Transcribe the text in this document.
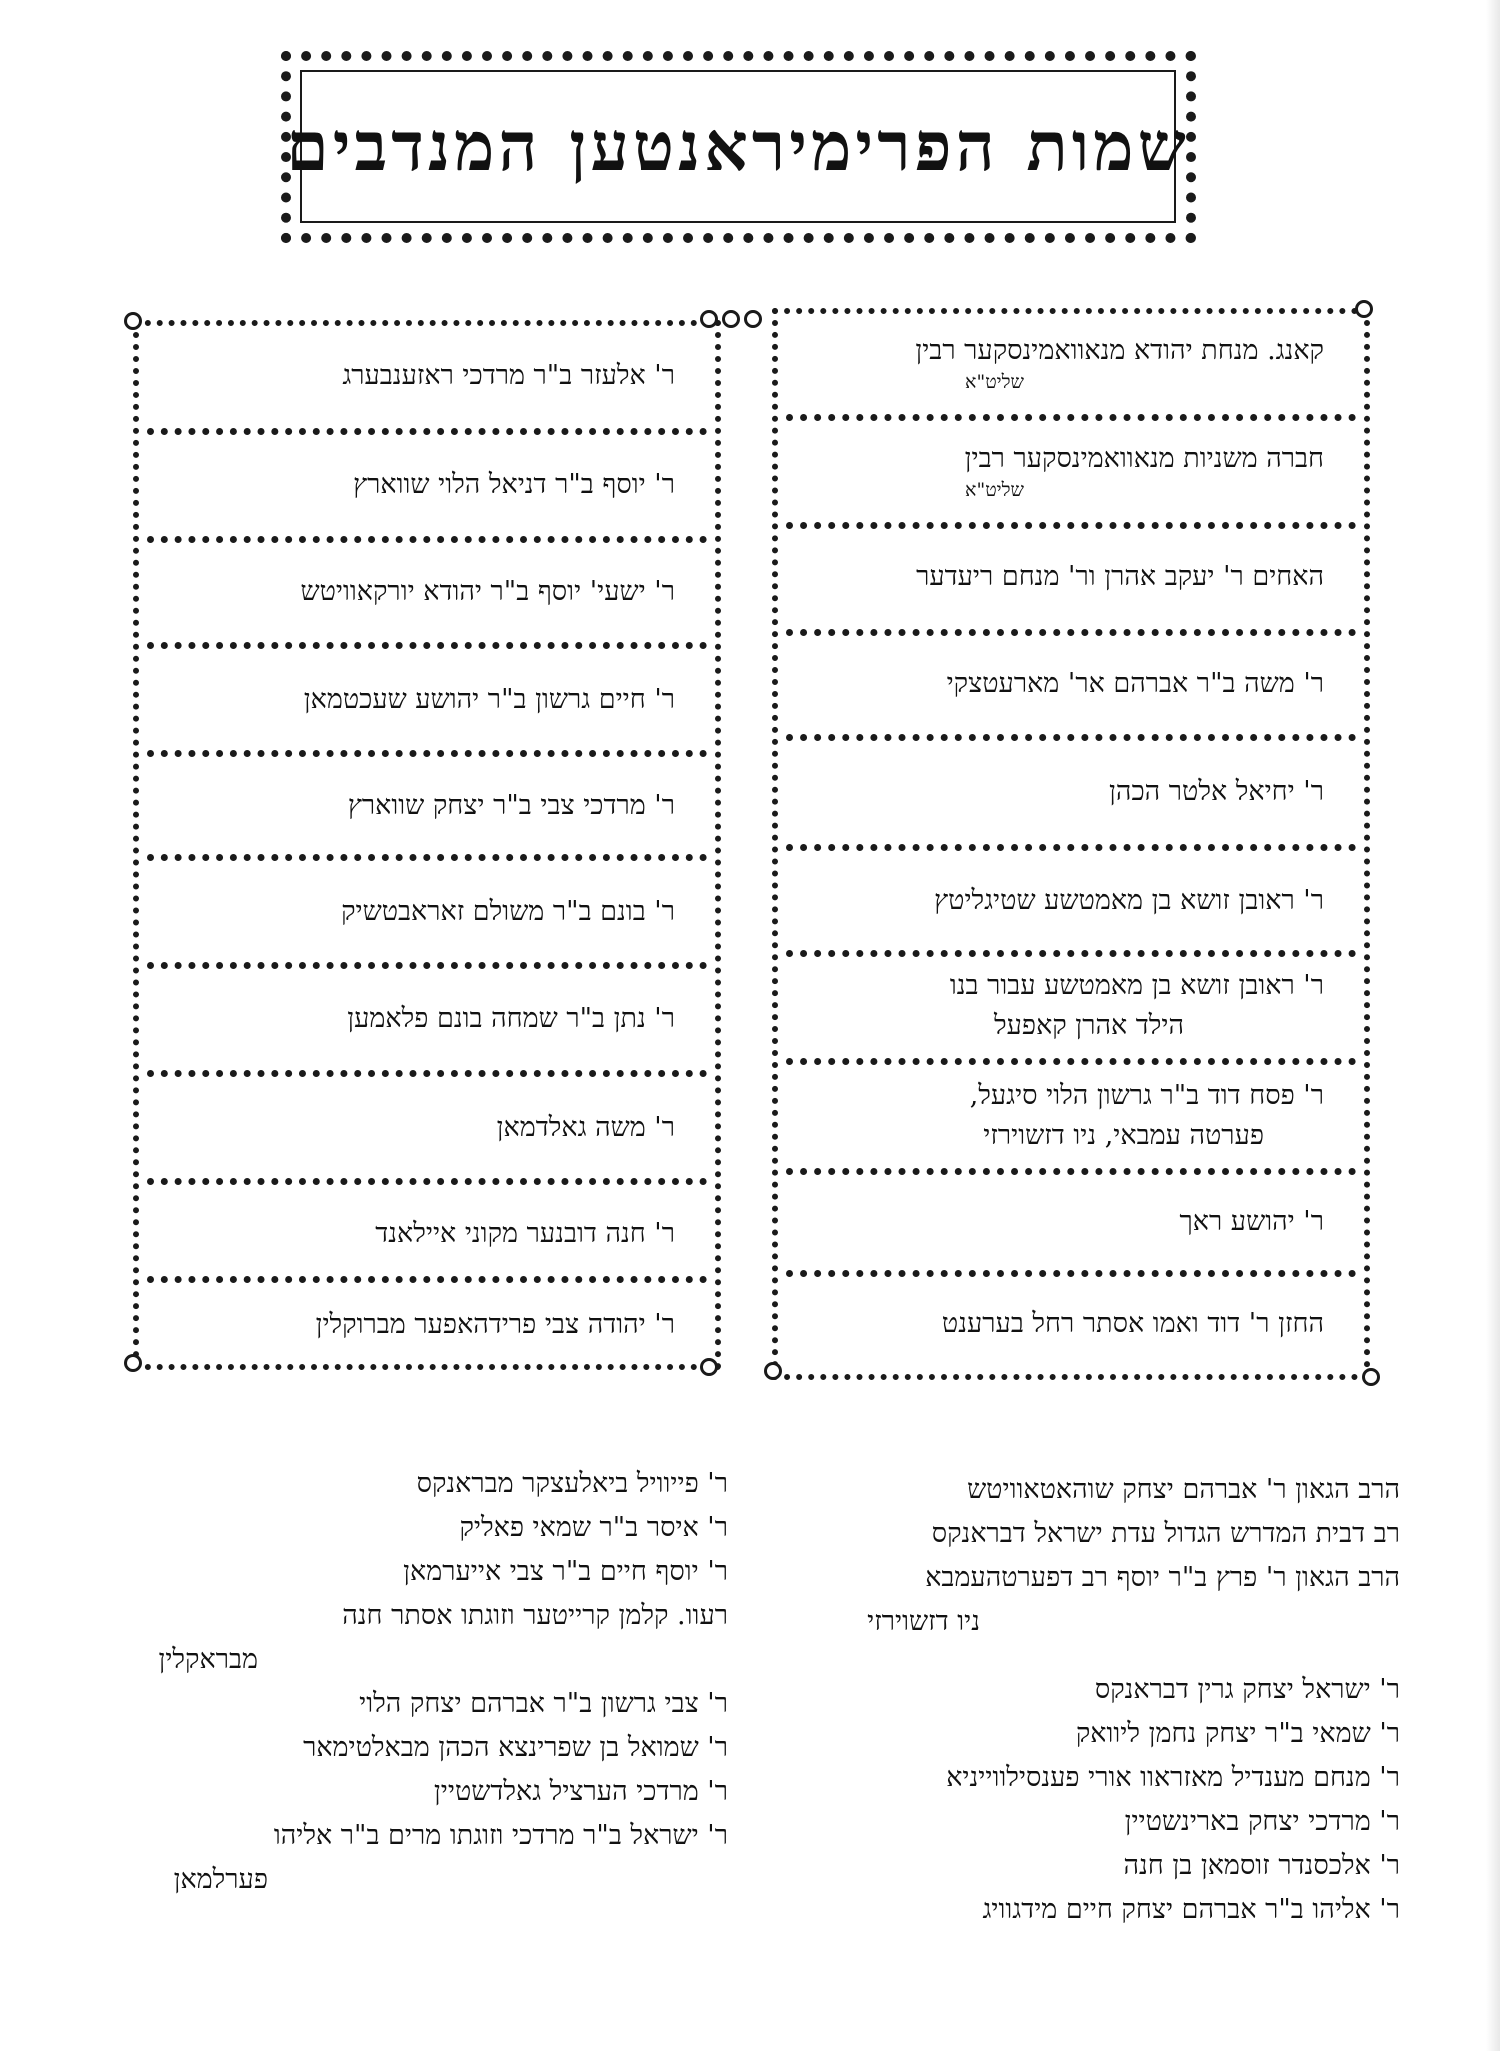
שמות הפרימיראנטען המנדבים
קאנג. מנחת יהודא מנאוואמינסקער רבין
שליט"א
חברה משניות מנאוואמינסקער רבין
שליט"א
האחים ר' יעקב אהרן ור' מנחם ריעדער
ר' משה ב"ר אברהם אר' מארעטצקי
ר' יחיאל אלטר הכהן
ר' ראובן זושא בן מאמטשע שטיגליטץ
ר' ראובן זושא בן מאמטשע עבור בנו
הילד אהרן קאפעל
ר' פסח דוד ב"ר גרשון הלוי סיגעל,
פערטה עמבאי, ניו דזשוירזי
ר' יהושע ראך
החזן ר' דוד ואמו אסתר רחל בערענט
ר' אלעזר ב"ר מרדכי ראזענבערג
ר' יוסף ב"ר דניאל הלוי שווארץ
ר' ישעי' יוסף ב"ר יהודא יורקאוויטש
ר' חיים גרשון ב"ר יהושע שעכטמאן
ר' מרדכי צבי ב"ר יצחק שווארץ
ר' בונם ב"ר משולם זאראבטשיק
ר' נתן ב"ר שמחה בונם פלאמען
ר' משה גאלדמאן
ר' חנה דובנער מקוני איילאנד
ר' יהודה צבי פרידהאפער מברוקלין
הרב הגאון ר' אברהם יצחק שוהאטאוויטש
רב דבית המדרש הגדול עדת ישראל דבראנקס
הרב הגאון ר' פרץ ב"ר יוסף רב דפערטהעמבא
ניו דזשוירזי
ר' ישראל יצחק גרין דבראנקס
ר' שמאי ב"ר יצחק נחמן ליוואק
ר' מנחם מענדיל מאזראוו אורי פענסילווייניא
ר' מרדכי יצחק בארינשטיין
ר' אלכסנדר זוסמאן בן חנה
ר' אליהו ב"ר אברהם יצחק חיים מידגוויג
ר' פייוויל ביאלעצקר מבראנקס
ר' איסר ב"ר שמאי פאליק
ר' יוסף חיים ב"ר צבי אייערמאן
רעוו. קלמן קרייטער וזוגתו אסתר חנה
מבראקלין
ר' צבי גרשון ב"ר אברהם יצחק הלוי
ר' שמואל בן שפרינצא הכהן מבאלטימאר
ר' מרדכי הערציל גאלדשטיין
ר' ישראל ב"ר מרדכי וזוגתו מרים ב"ר אליהו
פערלמאן
